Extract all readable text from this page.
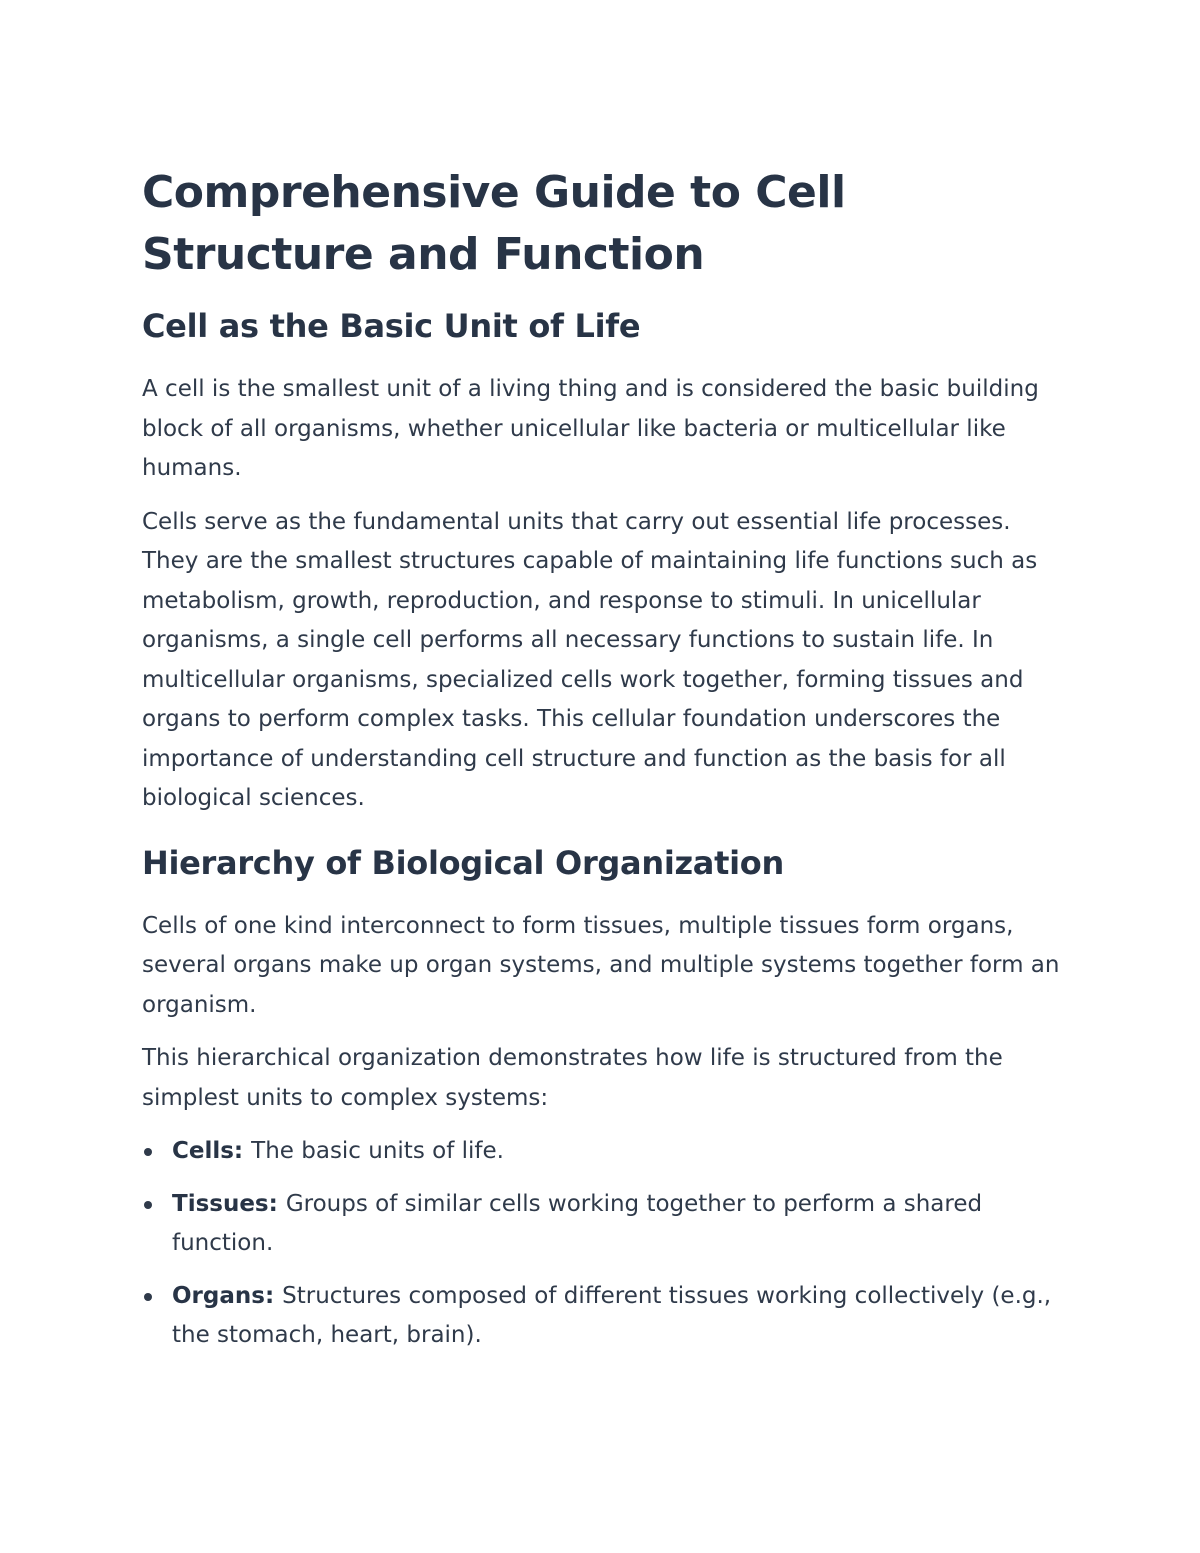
Comprehensive Guide to Cell Structure and Function
Cell as the Basic Unit of Life

A cell is the smallest unit of a living thing and is considered the basic building block of all organisms, whether unicellular like bacteria or multicellular like humans.

Cells serve as the fundamental units that carry out essential life processes. They are the smallest structures capable of maintaining life functions such as metabolism, growth, reproduction, and response to stimuli. In unicellular organisms, a single cell performs all necessary functions to sustain life. In multicellular organisms, specialized cells work together, forming tissues and organs to perform complex tasks. This cellular foundation underscores the importance of understanding cell structure and function as the basis for all biological sciences.

Hierarchy of Biological Organization

Cells of one kind interconnect to form tissues, multiple tissues form organs, several organs make up organ systems, and multiple systems together form an organism.

This hierarchical organization demonstrates how life is structured from the simplest units to complex systems:

Cells: The basic units of life.
Tissues: Groups of similar cells working together to perform a shared function.
Organs: Structures composed of different tissues working collectively (e.g., the stomach, heart, brain).
